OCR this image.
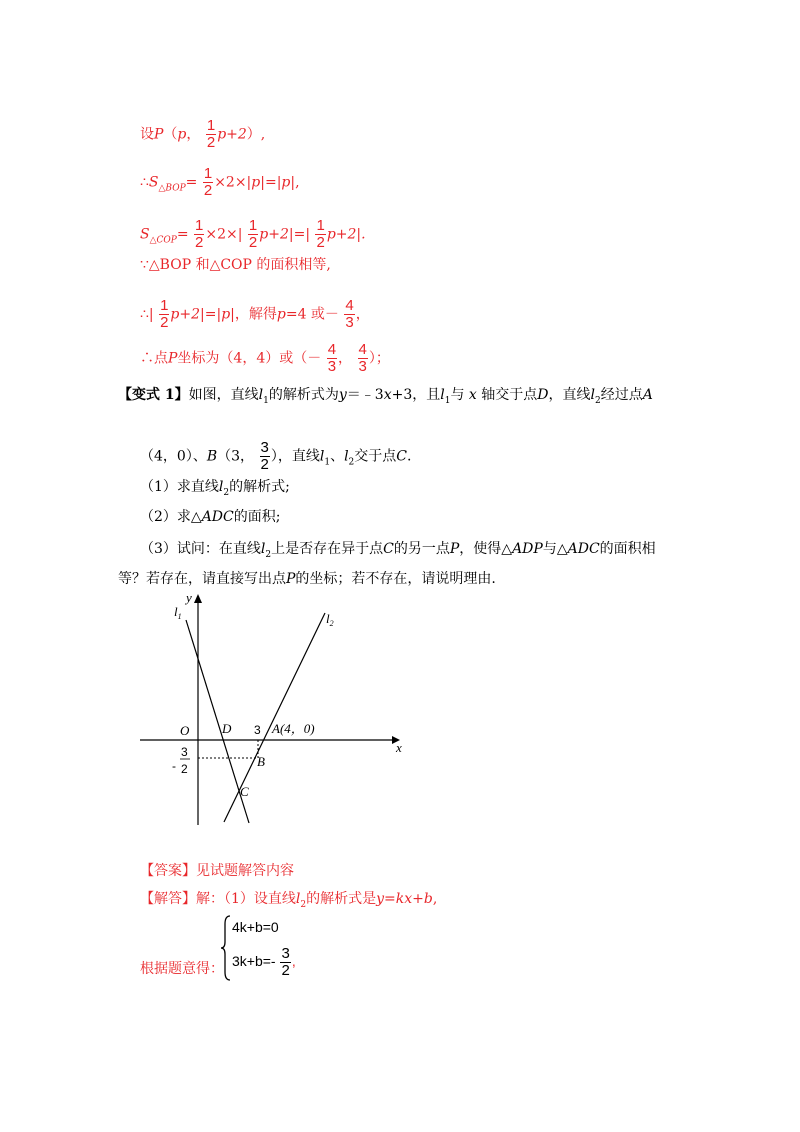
设P（p， $\frac{1}{2} p+2$）,
$\therefore S_{\triangle BOP}= \frac{1}{2} \times 2\times|p|=|p|$,
$S_{\triangle COP}= \frac{1}{2} \times 2\times| \frac{1}{2} p+2|=| \frac{1}{2} p+2|$.
∵△BOP 和△COP 的面积相等,
∴| $\frac{1}{2} p+2|=|p|$，解得p=4 或－ $\frac{4}{3}$ ，
∴点P坐标为（4，4）或（－ $\frac{4}{3}$ ， $\frac{4}{3}$ ）；
【变式 1】如图，直线$l_1$的解析式为y＝﹣3x+3，且$l_1$与 x 轴交于点D，直线$l_2$经过点A
（4，0）、B（3， $\frac{3}{2}$ ），直线$l_1$、$l_2$交于点C.
（1）求直线$l_2$的解析式;
（2）求△ADC的面积;
（3）试问：在直线$l_2$上是否存在异于点C的另一点P，使得△ADP与△ADC的面积相
等？若存在，请直接写出点P的坐标；若不存在，请说明理由.
y
x
$l_1$	$l_2$
O	D	A(4，0)
B
C
3
-
3
2
【答案】见试题解答内容
【解答】解：（1）设直线$l_2$的解析式是y=kx+b,
4k+b=0
$3k+b=- \frac{3}{2}$ ,
根据题意得：
